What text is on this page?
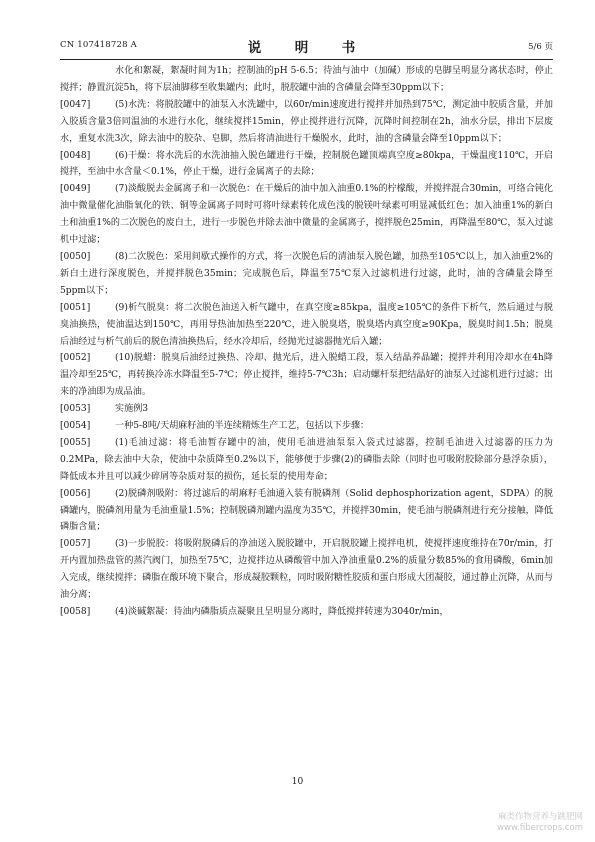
CN 107418728 A	说　明　书	5/6 页

水化和絮凝，絮凝时间为1h；控制油的pH 5-6.5；待油与油中（加碱）形成的皂脚呈明显分离状态时，停止搅拌；静置沉淀5h，将下层油脚移至收集罐内；此时，脱胶罐中油的含磷量会降至30ppm以下；

[0047]	(5)水洗：将脱胶罐中的油泵入水洗罐中，以60r/min速度进行搅拌并加热到75℃，测定油中胶质含量，并加入胶质含量3倍同温油的水进行水化，继续搅拌15min，停止搅拌进行沉降，沉降时间控制在2h，油水分层，排出下层废水，重复水洗3次，除去油中的胶杂、皂脚，然后将清油进行干燥脱水，此时，油的含磷量会降至10ppm以下；

[0048]	(6)干燥：将水洗后的水洗油抽入脱色罐进行干燥，控制脱色罐顶端真空度≥80kpa，干燥温度110℃，开启搅拌，至油中水含量＜0.1%，停止干燥，进行金属离子的去除；

[0049]	(7)淡酸脱去金属离子和一次脱色：在干燥后的油中加入油重0.1%的柠檬酸，并搅拌混合30min，可络合钝化油中微量催化油脂氧化的铁、铜等金属离子同时可将叶绿素转化成色浅的脱镁叶绿素可明显减低红色；加入油重1%的新白土和油重1%的二次脱色的废白土，进行一步脱色并除去油中微量的金属离子，搅拌脱色25min，再降温至80℃，泵入过滤机中过滤；

[0050]	(8)二次脱色：采用间歇式操作的方式，将一次脱色后的清油泵入脱色罐，加热至105℃以上，加入油重2%的新白土进行深度脱色，并搅拌脱色35min；完成脱色后，降温至75℃泵入过滤机进行过滤，此时，油的含磷量会降至5ppm以下；

[0051]	(9)析气脱臭：将二次脱色油送入析气罐中，在真空度≥85kpa，温度≥105℃的条件下析气，然后通过与脱臭油换热，使油温达到150℃，再用导热油加热至220℃，进入脱臭塔，脱臭塔内真空度≥90Kpa，脱臭时间1.5h；脱臭后油经过与析气前后的脱色清油换热后，经水冷却后，经抛光过滤器抛光后入罐；

[0052]	(10)脱蜡：脱臭后油经过换热、冷却、抛光后，进入脱蜡工段，泵入结晶养晶罐；搅拌并利用冷却水在4h降温冷却至25℃，再转换冷冻水降温至5-7℃；停止搅拌，维持5-7℃3h；启动螺杆泵把结晶好的油泵入过滤机进行过滤；出来的净油即为成品油。

[0053]	实施例3

[0054]	一种5-8吨/天胡麻籽油的半连续精炼生产工艺，包括以下步骤：

[0055]	(1)毛油过滤：将毛油暂存罐中的油，使用毛油进油泵泵入袋式过滤器，控制毛油进入过滤器的压力为0.2MPa，除去油中大杂，使油中杂质降至0.2%以下，能够便于步骤(2)的磷脂去除（同时也可吸附胶除部分悬浮杂质），降低成本并且可以减少碎屑等杂质对泵的损伤，延长泵的使用寿命；

[0056]	(2)脱磷剂吸附：将过滤后的胡麻籽毛油通入装有脱磷剂（Solid dephosphorization agent，SDPA）的脱磷罐内，脱磷剂用量为毛油重量1.5%；控制脱磷剂罐内温度为35℃，并搅拌30min，使毛油与脱磷剂进行充分接触，降低磷脂含量；

[0057]	(3)一步脱胶：将吸附脱磷后的净油送入脱胶罐中，开启脱胶罐上搅拌电机，使搅拌速度维持在70r/min，打开内置加热盘管的蒸汽阀门，加热至75℃，边搅拌边从磷酸管中加入净油重量0.2%的质量分数85%的食用磷酸，6min加入完成，继续搅拌；磷脂在酸环境下聚合，形成凝胶颗粒，同时吸附糖性胶质和蛋白形成大团凝胶，通过静止沉降，从而与油分离；

[0058]	(4)淡碱絮凝：待油内磷脂质点凝聚且呈明显分离时，降低搅拌转速为3040r/min，

10
麻类作物营养与跳肥网
www.fibercrops.com
